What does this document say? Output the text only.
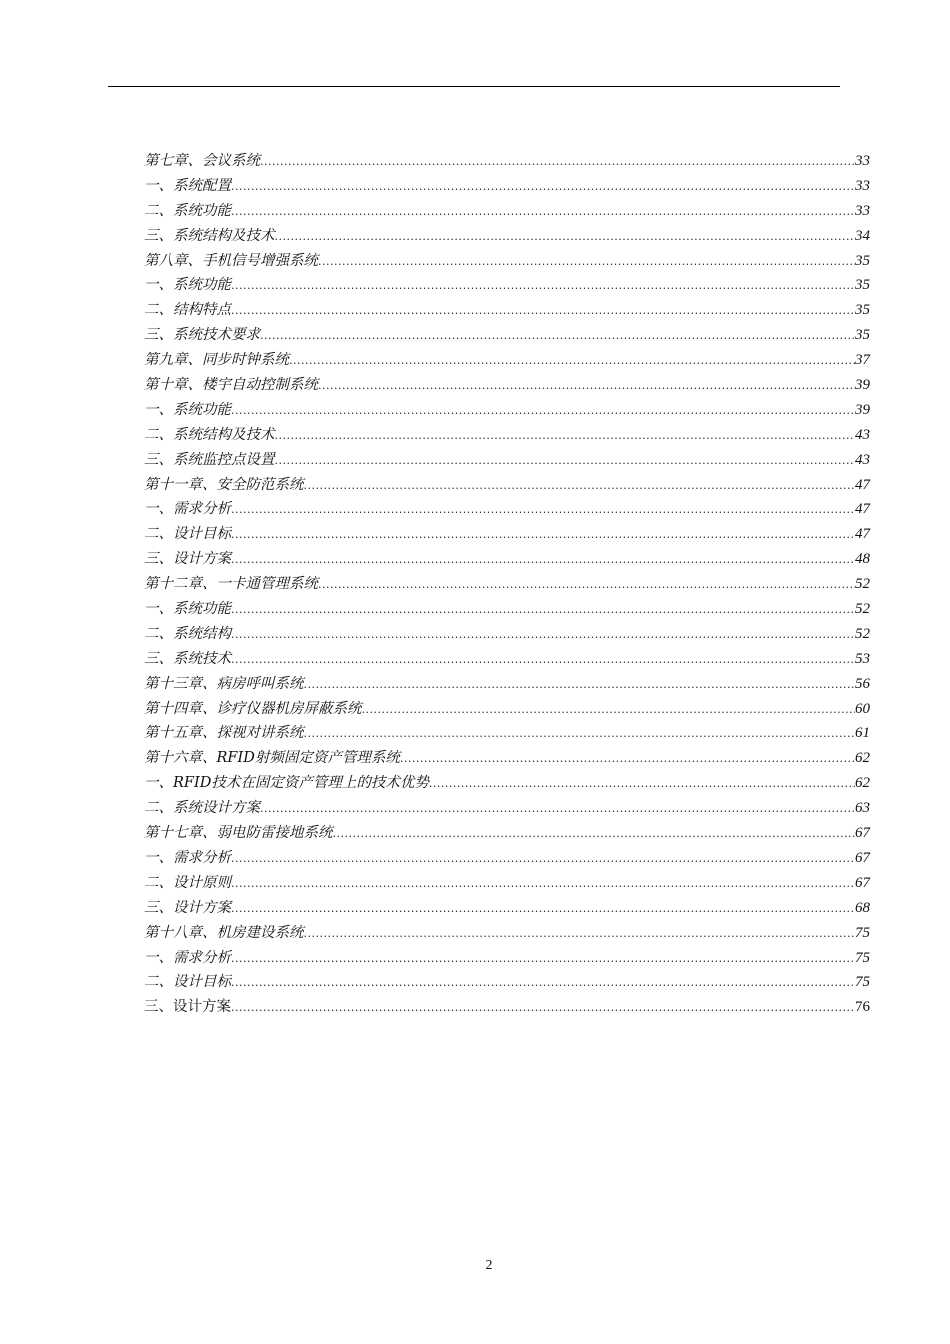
第七章、会议系统 .....	33
一、系统配置 .....	33
二、系统功能 .....	33
三、系统结构及技术 .....	34
第八章、手机信号增强系统 .....	35
一、系统功能 .....	35
二、结构特点 .....	35
三、系统技术要求 .....	35
第九章、同步时钟系统 .....	37
第十章、楼宇自动控制系统 .....	39
一、系统功能 .....	39
二、系统结构及技术 .....	43
三、系统监控点设置 .....	43
第十一章、安全防范系统 .....	47
一、需求分析 .....	47
二、设计目标 .....	47
三、设计方案 .....	48
第十二章、一卡通管理系统 .....	52
一、系统功能 .....	52
二、系统结构 .....	52
三、系统技术 .....	53
第十三章、病房呼叫系统 .....	56
第十四章、诊疗仪器机房屏蔽系统 .....	60
第十五章、探视对讲系统 .....	61
第十六章、RFID射频固定资产管理系统 .....	62
一、RFID技术在固定资产管理上的技术优势 .....	62
二、系统设计方案 .....	63
第十七章、弱电防雷接地系统 .....	67
一、需求分析 .....	67
二、设计原则 .....	67
三、设计方案 .....	68
第十八章、机房建设系统 .....	75
一、需求分析 .....	75
二、设计目标 .....	75
三、设计方案 .....	76
2
